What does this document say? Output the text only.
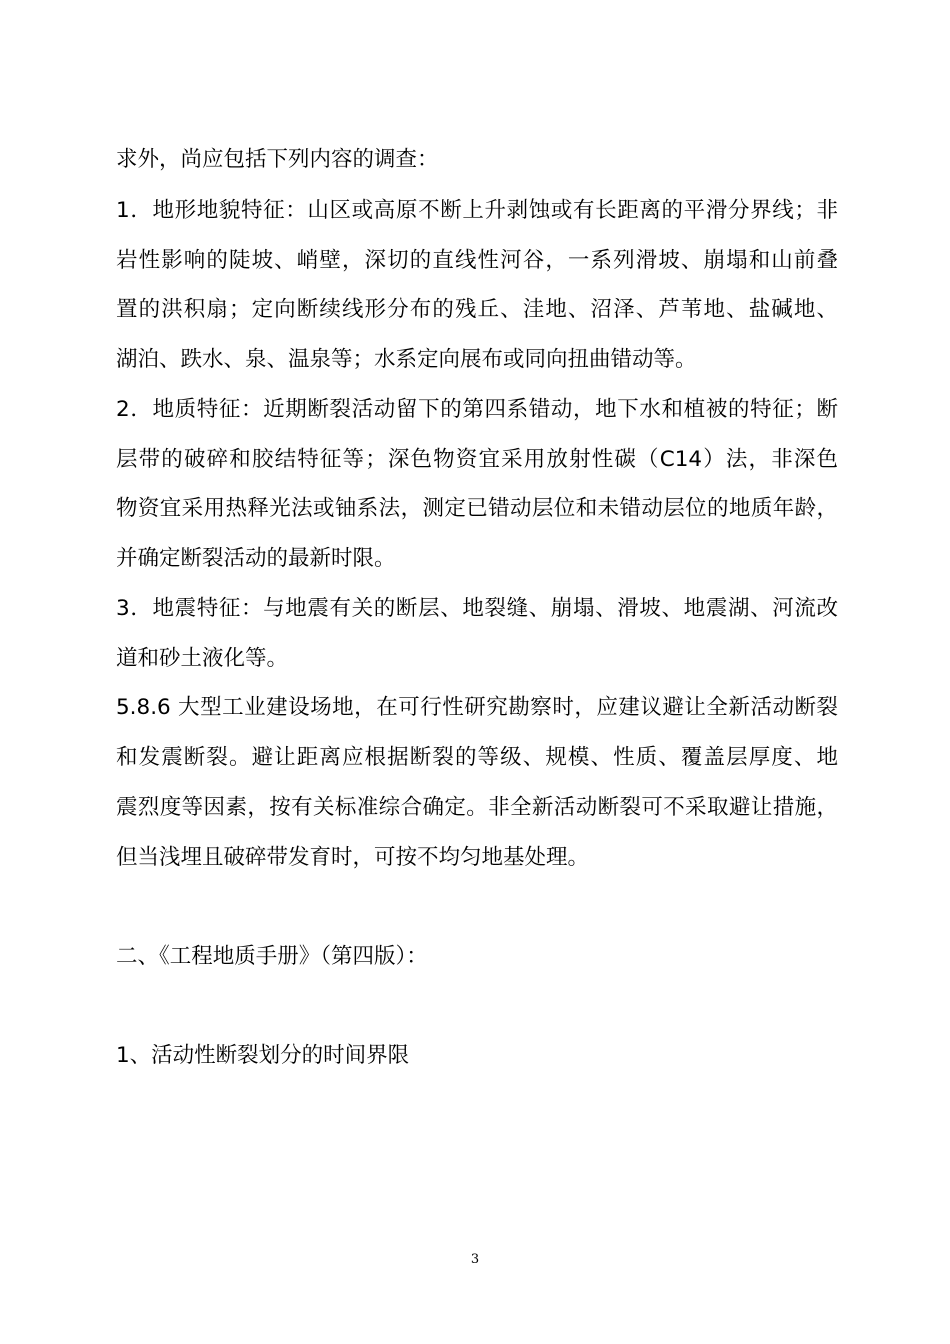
求外，尚应包括下列内容的调查：
1．地形地貌特征：山区或高原不断上升剥蚀或有长距离的平滑分界线；非
岩性影响的陡坡、峭壁，深切的直线性河谷，一系列滑坡、崩塌和山前叠
置的洪积扇；定向断续线形分布的残丘、洼地、沼泽、芦苇地、盐碱地、
湖泊、跌水、泉、温泉等；水系定向展布或同向扭曲错动等。
2．地质特征：近期断裂活动留下的第四系错动，地下水和植被的特征；断
层带的破碎和胶结特征等；深色物资宜采用放射性碳（C14）法，非深色
物资宜采用热释光法或铀系法，测定已错动层位和未错动层位的地质年龄，
并确定断裂活动的最新时限。
3．地震特征：与地震有关的断层、地裂缝、崩塌、滑坡、地震湖、河流改
道和砂土液化等。
5.8.6 大型工业建设场地，在可行性研究勘察时，应建议避让全新活动断裂
和发震断裂。避让距离应根据断裂的等级、规模、性质、覆盖层厚度、地
震烈度等因素，按有关标准综合确定。非全新活动断裂可不采取避让措施，
但当浅埋且破碎带发育时，可按不均匀地基处理。
二、《工程地质手册》（第四版）：
1、活动性断裂划分的时间界限
3
